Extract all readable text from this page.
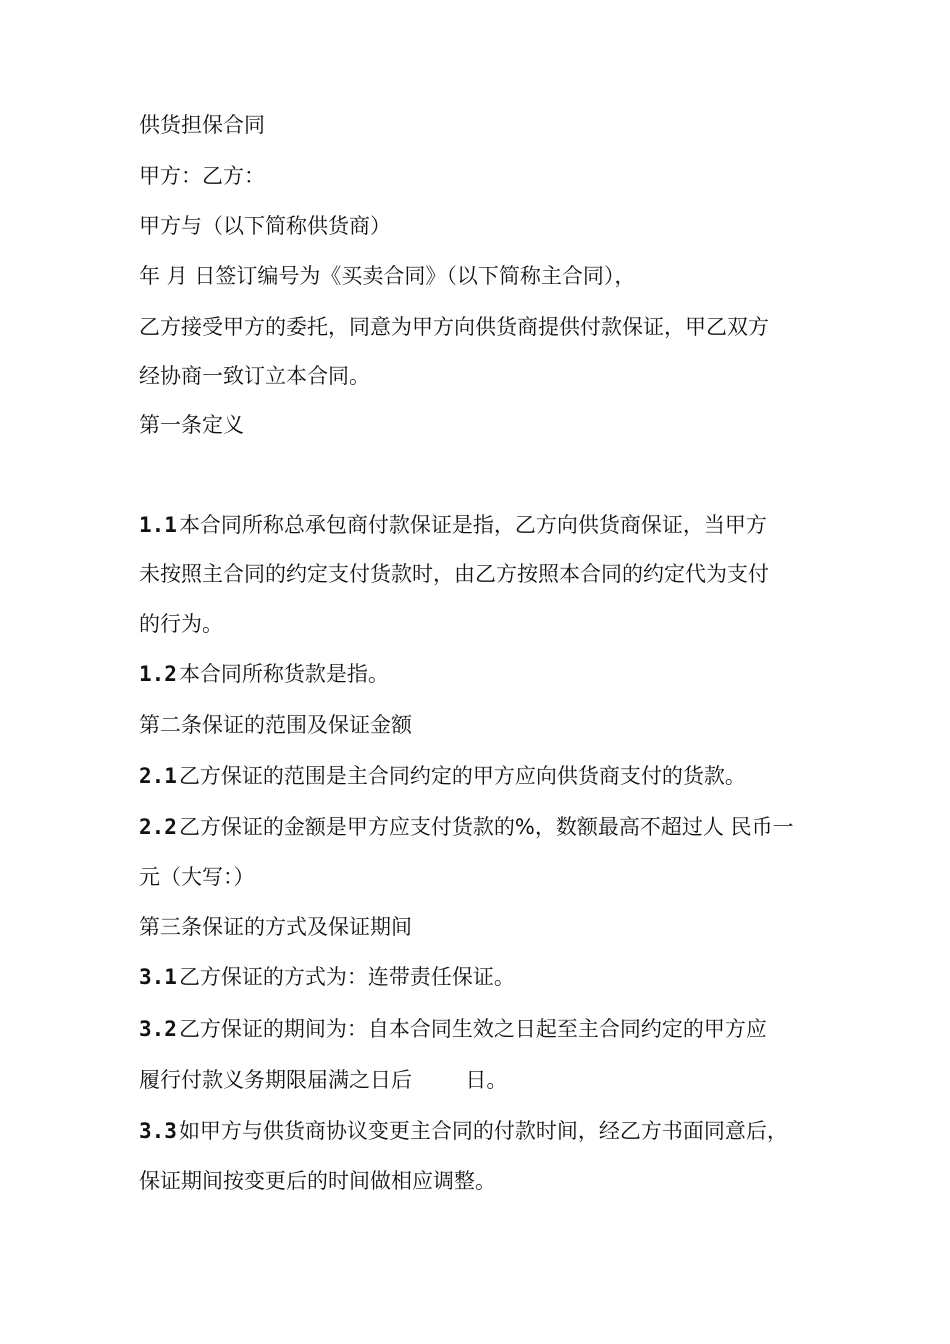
供货担保合同
甲方：乙方：
甲方与（以下简称供货商）
年 月 日签订编号为《买卖合同》（以下简称主合同），
乙方接受甲方的委托，同意为甲方向供货商提供付款保证，甲乙双方
经协商一致订立本合同。
第一条定义
1.1本合同所称总承包商付款保证是指，乙方向供货商保证，当甲方
未按照主合同的约定支付货款时，由乙方按照本合同的约定代为支付
的行为。
1.2本合同所称货款是指。
第二条保证的范围及保证金额
2.1乙方保证的范围是主合同约定的甲方应向供货商支付的货款。
2.2乙方保证的金额是甲方应支付货款的%，数额最高不超过人 民币一
元（大写：）
第三条保证的方式及保证期间
3.1乙方保证的方式为：连带责任保证。
3.2乙方保证的期间为：自本合同生效之日起至主合同约定的甲方应
履行付款义务期限届满之日后        日。
3.3如甲方与供货商协议变更主合同的付款时间，经乙方书面同意后，
保证期间按变更后的时间做相应调整。
